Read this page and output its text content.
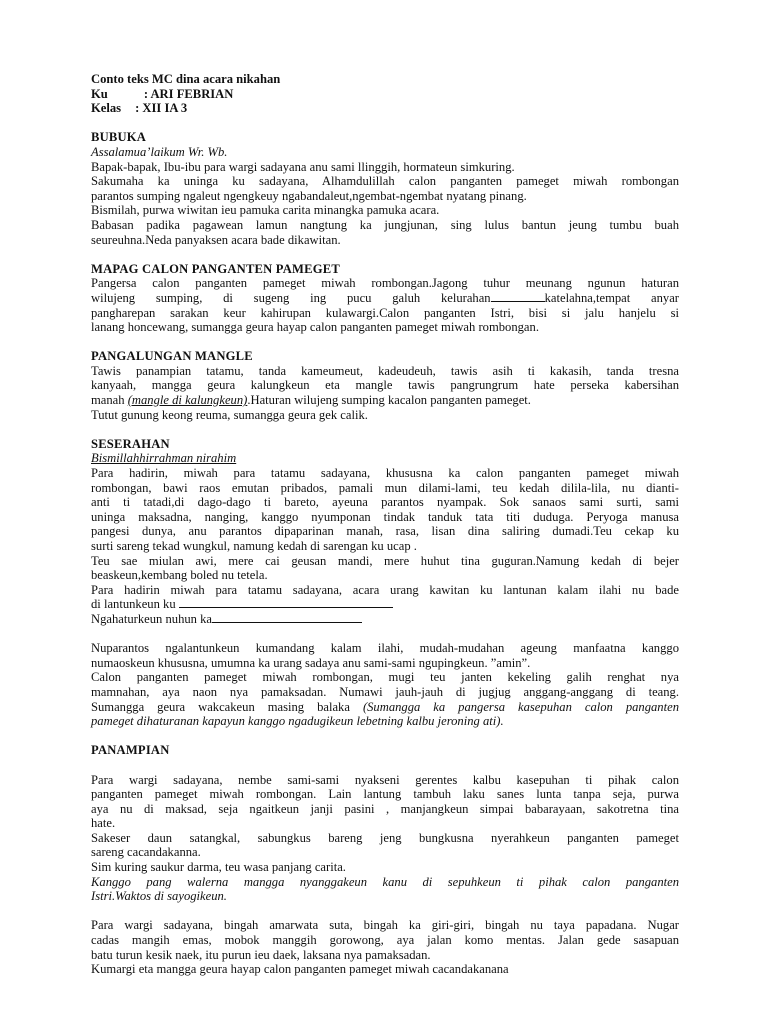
Conto teks MC dina acara nikahan
Ku	: ARI FEBRIAN
Kelas : XII IA 3
BUBUKA
Assalamua’laikum Wr. Wb.
Bapak-bapak, Ibu-ibu para wargi sadayana anu sami llinggih, hormateun simkuring.
Sakumaha ka uninga ku sadayana, Alhamdulillah calon panganten pameget miwah rombongan
parantos sumping ngaleut ngengkeuy ngabandaleut,ngembat-ngembat nyatang pinang.
Bismilah, purwa wiwitan ieu pamuka carita minangka pamuka acara.
Babasan padika pagawean lamun nangtung ka jungjunan, sing lulus bantun jeung tumbu buah
seureuhna.Neda panyaksen acara bade dikawitan.
MAPAG CALON PANGANTEN PAMEGET
Pangersa calon panganten pameget miwah rombongan.Jagong tuhur meunang ngunun haturan
wilujeng sumping, di sugeng ing pucu galuh kelurahan	katelahna,tempat anyar
pangharepan sarakan keur kahirupan kulawargi.Calon panganten Istri, bisi si jalu hanjelu si
lanang honcewang, sumangga geura hayap calon panganten pameget miwah rombongan.
PANGALUNGAN MANGLE
Tawis panampian tatamu, tanda kameumeut, kadeudeuh, tawis asih ti kakasih, tanda tresna
kanyaah, mangga geura kalungkeun eta mangle tawis pangrungrum hate perseka kabersihan
manah (mangle di kalungkeun).Haturan wilujeng sumping kacalon panganten pameget.
Tutut gunung keong reuma, sumangga geura gek calik.
SESERAHAN
Bismillahhirrahman nirahim
Para hadirin, miwah para tatamu sadayana, khususna ka calon panganten pameget miwah
rombongan, bawi raos emutan pribados, pamali mun dilami-lami, teu kedah dilila-lila, nu dianti-
anti ti tatadi,di dago-dago ti bareto, ayeuna parantos nyampak. Sok sanaos sami surti, sami
uninga maksadna, nanging, kanggo nyumponan tindak tanduk tata titi duduga. Peryoga manusa
pangesi dunya, anu parantos dipaparinan manah, rasa, lisan dina saliring dumadi.Teu cekap ku
surti sareng tekad wungkul, namung kedah di sarengan ku ucap .
Teu sae miulan awi, mere cai geusan mandi, mere huhut tina guguran.Namung kedah di bejer
beaskeun,kembang boled nu tetela.
Para hadirin miwah para tatamu sadayana, acara urang kawitan ku lantunan kalam ilahi nu bade
di lantunkeun ku
Ngahaturkeun nuhun ka
Nuparantos ngalantunkeun kumandang kalam ilahi, mudah-mudahan ageung manfaatna kanggo
numaoskeun khususna, umumna ka urang sadaya anu sami-sami ngupingkeun. ”amin”.
Calon panganten pameget miwah rombongan, mugi teu janten kekeling galih renghat nya
mamnahan, aya naon nya pamaksadan. Numawi jauh-jauh di jugjug anggang-anggang di teang.
Sumangga geura wakcakeun masing balaka (Sumangga ka pangersa kasepuhan calon panganten
pameget dihaturanan kapayun kanggo ngadugikeun lebetning kalbu jeroning ati).
PANAMPIAN
Para wargi sadayana, nembe sami-sami nyakseni gerentes kalbu kasepuhan ti pihak calon
panganten pameget miwah rombongan. Lain lantung tambuh laku sanes lunta tanpa seja, purwa
aya nu di maksad, seja ngaitkeun janji pasini , manjangkeun simpai babarayaan, sakotretna tina
hate.
Sakeser daun satangkal, sabungkus bareng jeng bungkusna nyerahkeun panganten pameget
sareng cacandakanna.
Sim kuring saukur darma, teu wasa panjang carita.
Kanggo pang walerna mangga nyanggakeun kanu di sepuhkeun ti pihak calon panganten
Istri.Waktos di sayogikeun.
Para wargi sadayana, bingah amarwata suta, bingah ka giri-giri, bingah nu taya papadana. Nugar
cadas mangih emas, mobok manggih gorowong, aya jalan komo mentas. Jalan gede sasapuan
batu turun kesik naek, itu purun ieu daek, laksana nya pamaksadan.
Kumargi eta mangga geura hayap calon panganten pameget miwah cacandakanana
